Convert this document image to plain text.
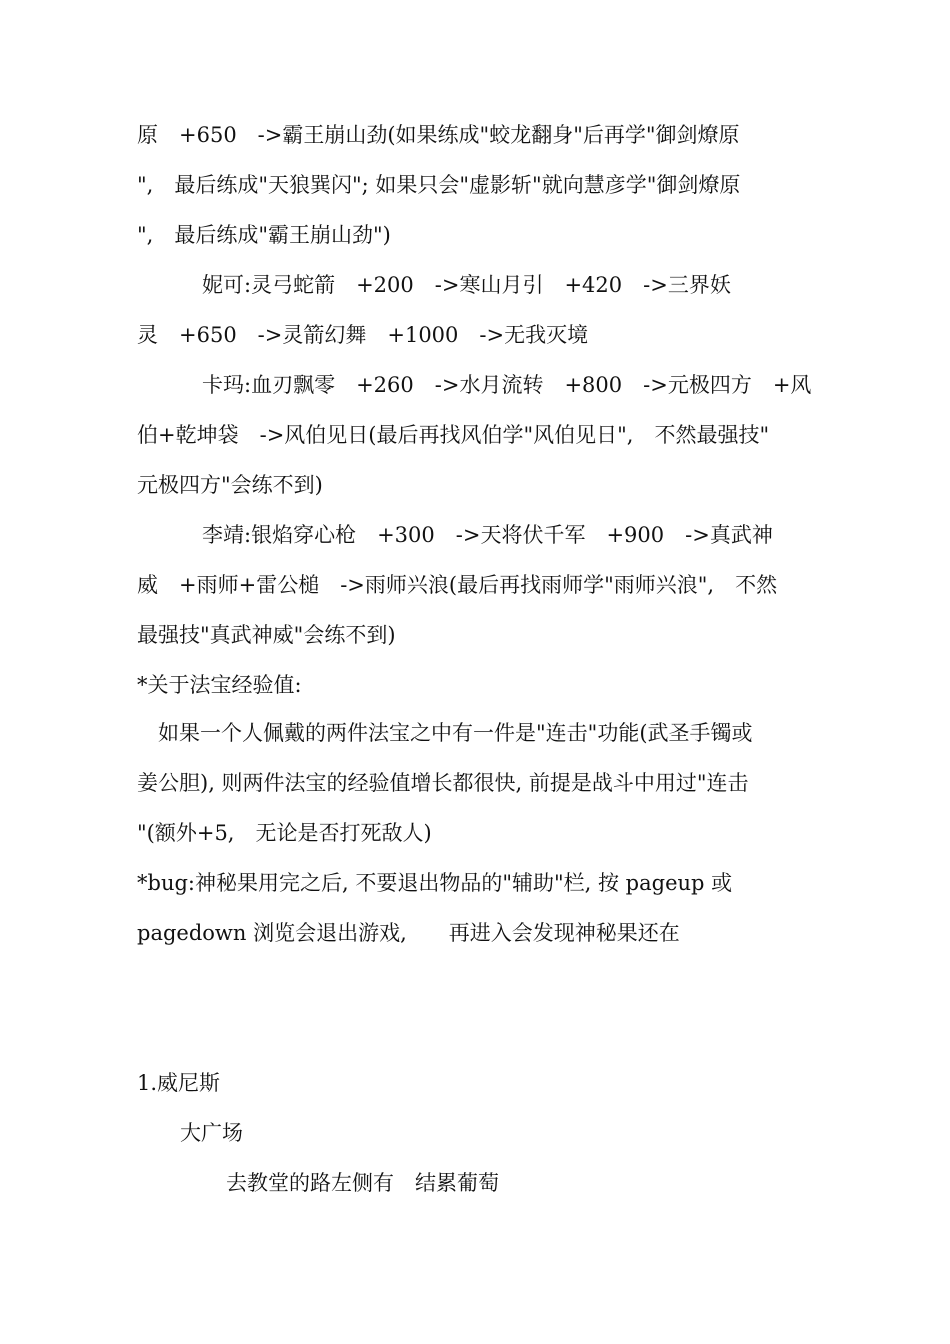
原　+650　->霸王崩山劲(如果练成"蛟龙翻身"后再学"御剑燎原

",　最后练成"天狼巽闪"; 如果只会"虚影斩"就向慧彦学"御剑燎原

",　最后练成"霸王崩山劲")

妮可:灵弓蛇箭　+200　->寒山月引　+420　->三界妖

灵　+650　->灵箭幻舞　+1000　->无我灭境

卡玛:血刃飘零　+260　->水月流转　+800　->元极四方　+风

伯+乾坤袋　->风伯见日(最后再找风伯学"风伯见日",　不然最强技"

元极四方"会练不到)

李靖:银焰穿心枪　+300　->天将伏千军　+900　->真武神

威　+雨师+雷公槌　->雨师兴浪(最后再找雨师学"雨师兴浪",　不然

最强技"真武神威"会练不到)

*关于法宝经验值:

如果一个人佩戴的两件法宝之中有一件是"连击"功能(武圣手镯或

姜公胆), 则两件法宝的经验值增长都很快, 前提是战斗中用过"连击

"(额外+5,　无论是否打死敌人)

*bug:神秘果用完之后, 不要退出物品的"辅助"栏, 按 pageup 或

pagedown 浏览会退出游戏,　　再进入会发现神秘果还在

1.威尼斯

大广场

去教堂的路左侧有　结累葡萄
